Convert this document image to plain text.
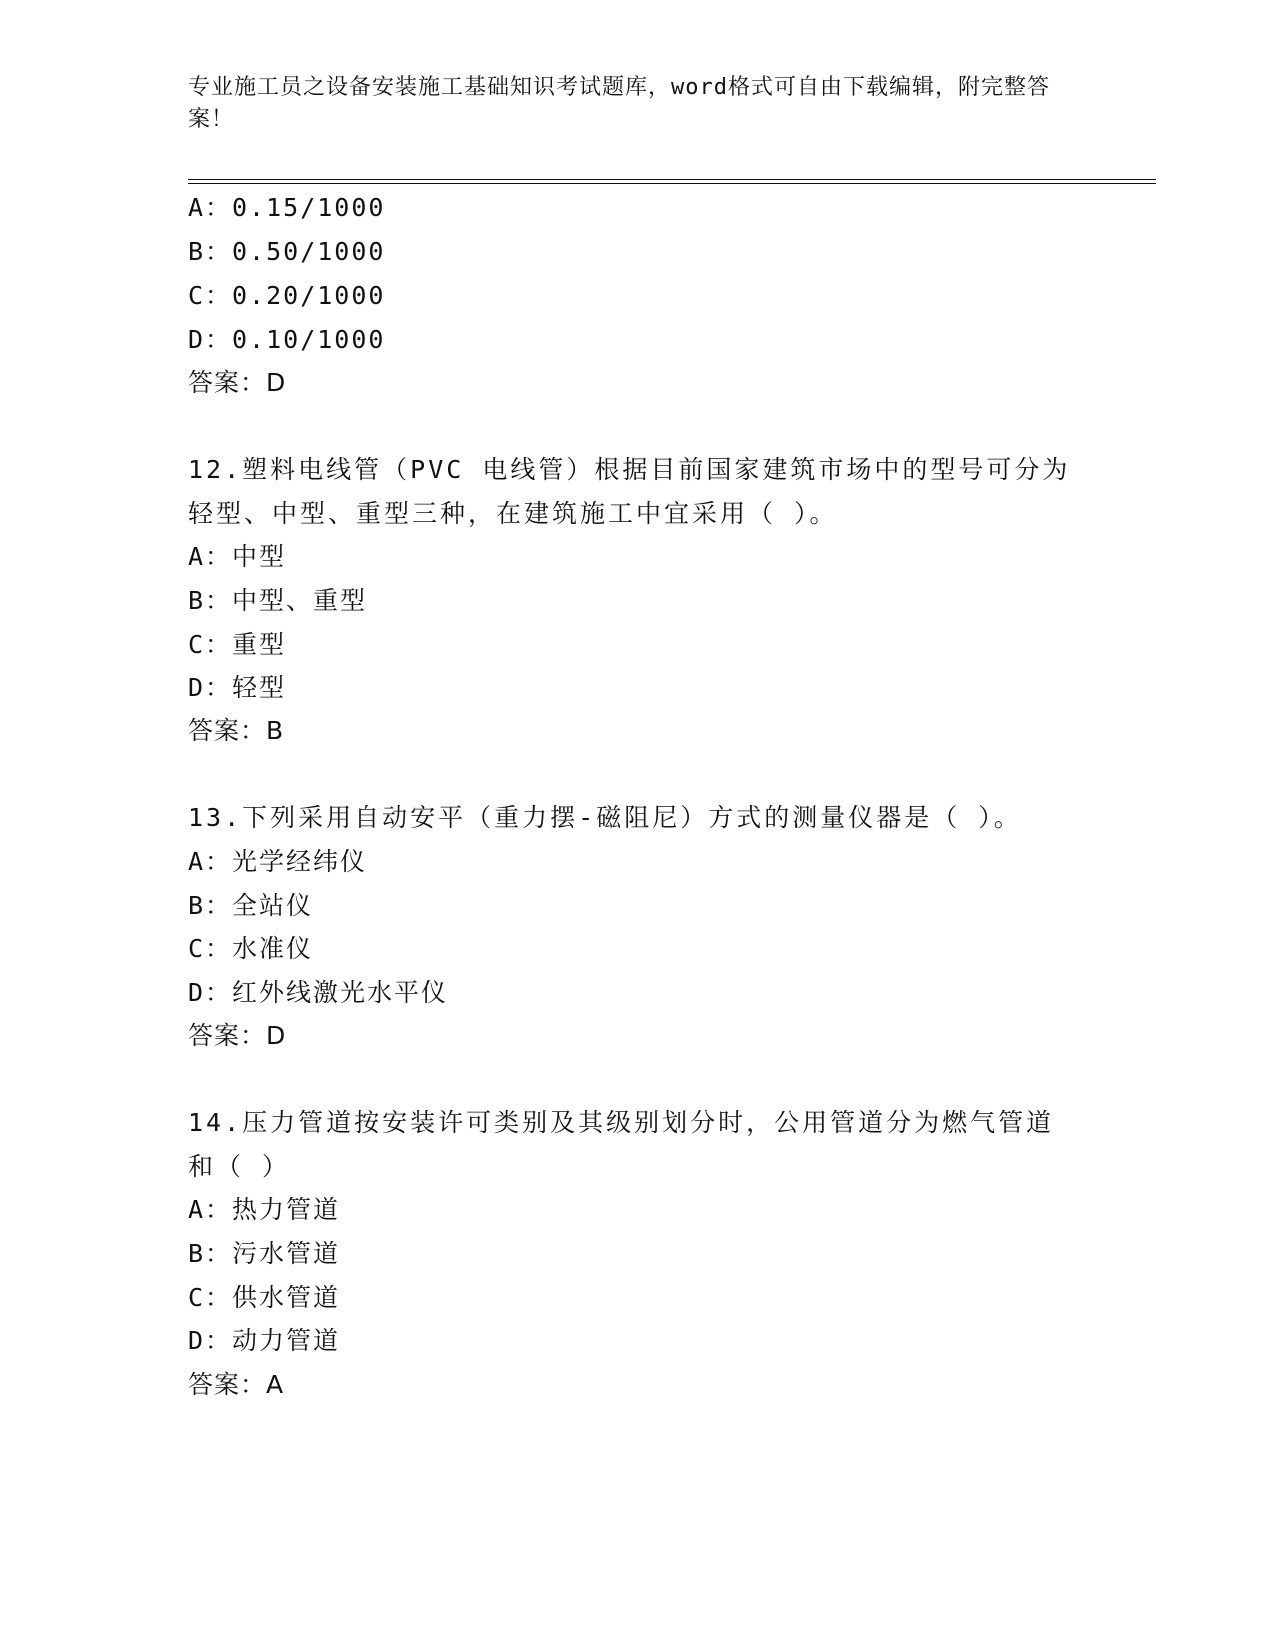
专业施工员之设备安装施工基础知识考试题库，word格式可自由下载编辑，附完整答案！
A：0.15/1000
B：0.50/1000
C：0.20/1000
D：0.10/1000
答案：D
12.塑料电线管（PVC 电线管）根据目前国家建筑市场中的型号可分为
轻型、中型、重型三种，在建筑施工中宜采用（ ）。
A：中型
B：中型、重型
C：重型
D：轻型
答案：B
13.下列采用自动安平（重力摆-磁阻尼）方式的测量仪器是（ ）。
A：光学经纬仪
B：全站仪
C：水准仪
D：红外线激光水平仪
答案：D
14.压力管道按安装许可类别及其级别划分时，公用管道分为燃气管道
和（ ）
A：热力管道
B：污水管道
C：供水管道
D：动力管道
答案：A
